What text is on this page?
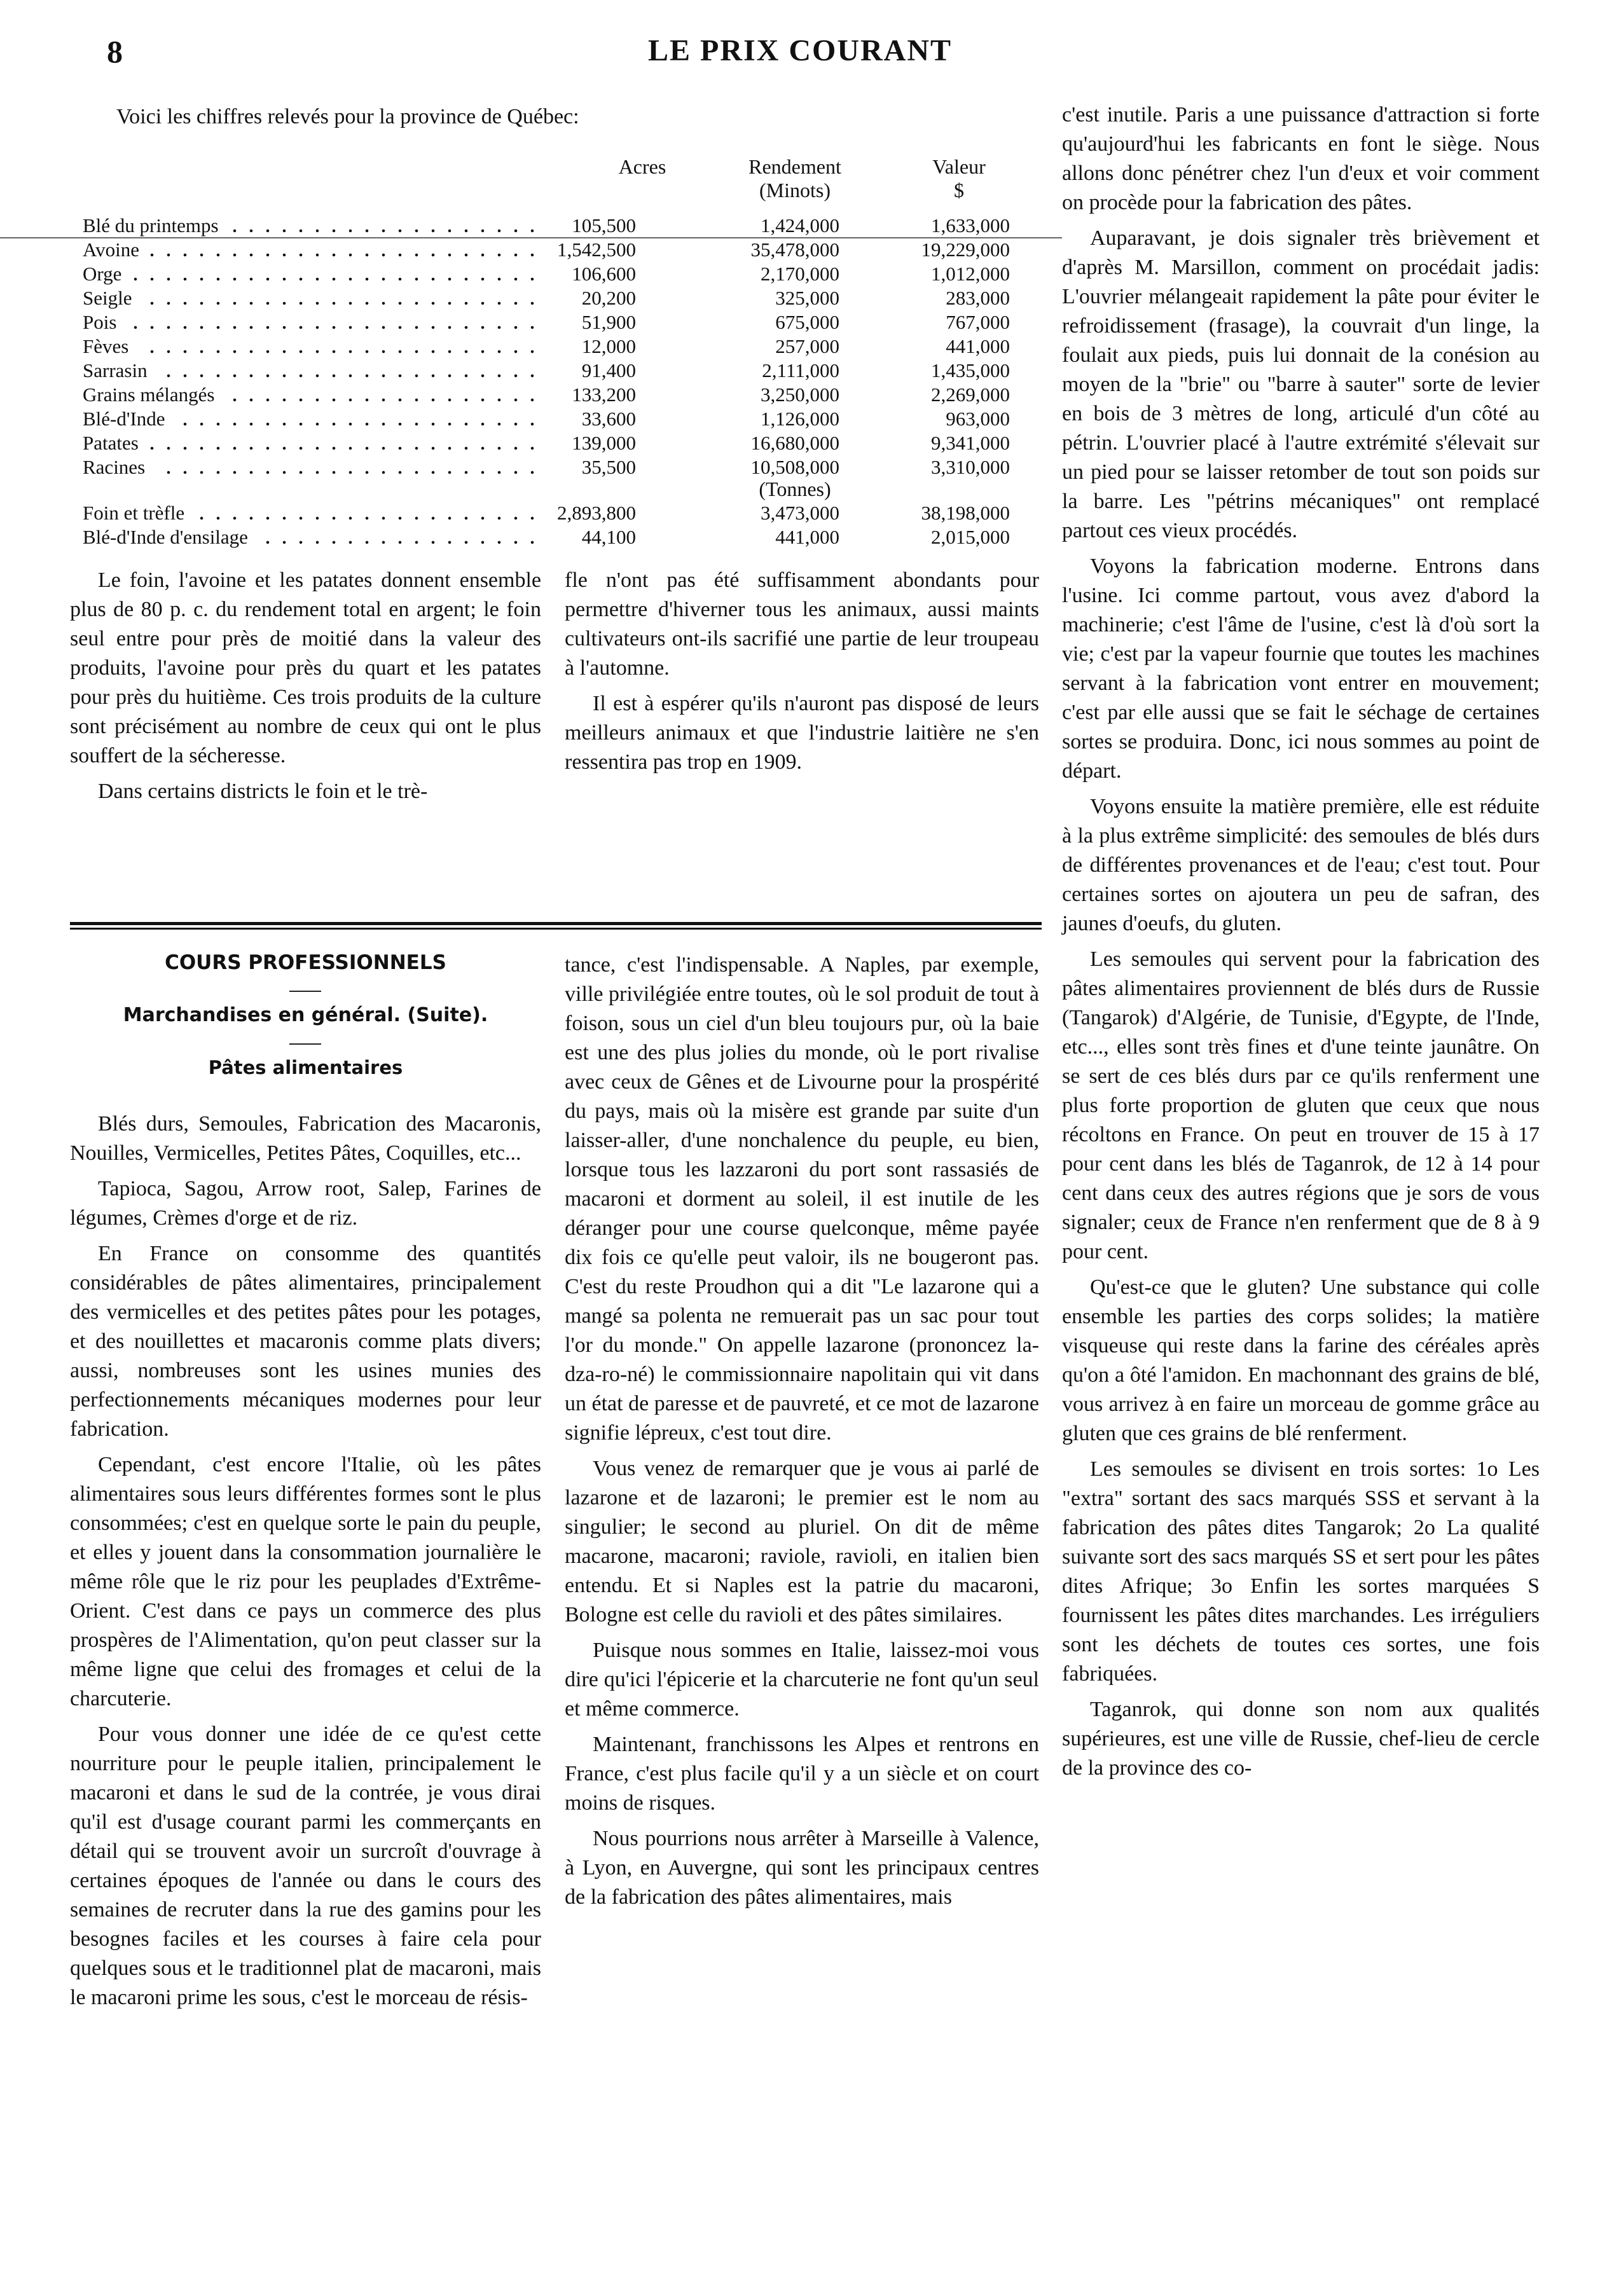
8	LE PRIX COURANT
Voici les chiffres relevés pour la province de Québec:
Acres	Rendement
(Minots)
Valeur
$
(Tonnes)
Blé du printemps	105,500	1,424,000	1,633,000
Avoine	1,542,500	35,478,000	19,229,000
Orge	106,600	2,170,000	1,012,000
Seigle	20,200	325,000	283,000
Pois	51,900	675,000	767,000
Fèves	12,000	257,000	441,000
Sarrasin	91,400	2,111,000	1,435,000
Grains mélangés	133,200	3,250,000	2,269,000
Blé-d'Inde	33,600	1,126,000	963,000
Patates	139,000	16,680,000	9,341,000
Racines	35,500	10,508,000	3,310,000
Foin et trèfle	2,893,800	3,473,000	38,198,000
Blé-d'Inde d'ensilage	44,100	441,000	2,015,000

Le foin, l'avoine et les patates donnent ensemble plus de 80 p. c. du rendement total en argent; le foin seul entre pour près de moitié dans la valeur des produits, l'avoine pour près du quart et les patates pour près du huitième. Ces trois produits de la culture sont précisément au nombre de ceux qui ont le plus souffert de la sécheresse.

Dans certains districts le foin et le trè-

fle n'ont pas été suffisamment abondants pour permettre d'hiverner tous les animaux, aussi maints cultivateurs ont-ils sacrifié une partie de leur troupeau à l'automne.

Il est à espérer qu'ils n'auront pas disposé de leurs meilleurs animaux et que l'industrie laitière ne s'en ressentira pas trop en 1909.

c'est inutile. Paris a une puissance d'attraction si forte qu'aujourd'hui les fabricants en font le siège. Nous allons donc pénétrer chez l'un d'eux et voir comment on procède pour la fabrication des pâtes.

Auparavant, je dois signaler très brièvement et d'après M. Marsillon, comment on procédait jadis: L'ouvrier mélangeait rapidement la pâte pour éviter le refroidissement (frasage), la couvrait d'un linge, la foulait aux pieds, puis lui donnait de la conésion au moyen de la "brie" ou "barre à sauter" sorte de levier en bois de 3 mètres de long, articulé d'un côté au pétrin. L'ouvrier placé à l'autre extrémité s'élevait sur un pied pour se laisser retomber de tout son poids sur la barre. Les "pétrins mécaniques" ont remplacé partout ces vieux procédés.

Voyons la fabrication moderne. Entrons dans l'usine. Ici comme partout, vous avez d'abord la machinerie; c'est l'âme de l'usine, c'est là d'où sort la vie; c'est par la vapeur fournie que toutes les machines servant à la fabrication vont entrer en mouvement; c'est par elle aussi que se fait le séchage de certaines sortes se produira. Donc, ici nous sommes au point de départ.

Voyons ensuite la matière première, elle est réduite à la plus extrême simplicité: des semoules de blés durs de différentes provenances et de l'eau; c'est tout. Pour certaines sortes on ajoutera un peu de safran, des jaunes d'oeufs, du gluten.

Les semoules qui servent pour la fabrication des pâtes alimentaires proviennent de blés durs de Russie (Tangarok) d'Algérie, de Tunisie, d'Egypte, de l'Inde, etc..., elles sont très fines et d'une teinte jaunâtre. On se sert de ces blés durs par ce qu'ils renferment une plus forte proportion de gluten que ceux que nous récoltons en France. On peut en trouver de 15 à 17 pour cent dans les blés de Taganrok, de 12 à 14 pour cent dans ceux des autres régions que je sors de vous signaler; ceux de France n'en renferment que de 8 à 9 pour cent.

Qu'est-ce que le gluten? Une substance qui colle ensemble les parties des corps solides; la matière visqueuse qui reste dans la farine des céréales après qu'on a ôté l'amidon. En machonnant des grains de blé, vous arrivez à en faire un morceau de gomme grâce au gluten que ces grains de blé renferment.

Les semoules se divisent en trois sortes: 1o Les "extra" sortant des sacs marqués SSS et servant à la fabrication des pâtes dites Tangarok; 2o La qualité suivante sort des sacs marqués SS et sert pour les pâtes dites Afrique; 3o Enfin les sortes marquées S fournissent les pâtes dites marchandes. Les irréguliers sont les déchets de toutes ces sortes, une fois fabriquées.

Taganrok, qui donne son nom aux qualités supérieures, est une ville de Russie, chef-lieu de cercle de la province des co-

COURS PROFESSIONNELS
Marchandises en général. (Suite).
Pâtes alimentaires

Blés durs, Semoules, Fabrication des Macaronis, Nouilles, Vermicelles, Petites Pâtes, Coquilles, etc...

Tapioca, Sagou, Arrow root, Salep, Farines de légumes, Crèmes d'orge et de riz.

En France on consomme des quantités considérables de pâtes alimentaires, principalement des vermicelles et des petites pâtes pour les potages, et des nouillettes et macaronis comme plats divers; aussi, nombreuses sont les usines munies des perfectionnements mécaniques modernes pour leur fabrication.

Cependant, c'est encore l'Italie, où les pâtes alimentaires sous leurs différentes formes sont le plus consommées; c'est en quelque sorte le pain du peuple, et elles y jouent dans la consommation journalière le même rôle que le riz pour les peuplades d'Extrême-Orient. C'est dans ce pays un commerce des plus prospères de l'Alimentation, qu'on peut classer sur la même ligne que celui des fromages et celui de la charcuterie.

Pour vous donner une idée de ce qu'est cette nourriture pour le peuple italien, principalement le macaroni et dans le sud de la contrée, je vous dirai qu'il est d'usage courant parmi les commerçants en détail qui se trouvent avoir un surcroît d'ouvrage à certaines époques de l'année ou dans le cours des semaines de recruter dans la rue des gamins pour les besognes faciles et les courses à faire cela pour quelques sous et le traditionnel plat de macaroni, mais le macaroni prime les sous, c'est le morceau de résis-

tance, c'est l'indispensable. A Naples, par exemple, ville privilégiée entre toutes, où le sol produit de tout à foison, sous un ciel d'un bleu toujours pur, où la baie est une des plus jolies du monde, où le port rivalise avec ceux de Gênes et de Livourne pour la prospérité du pays, mais où la misère est grande par suite d'un laisser-aller, d'une nonchalence du peuple, eu bien, lorsque tous les lazzaroni du port sont rassasiés de macaroni et dorment au soleil, il est inutile de les déranger pour une course quelconque, même payée dix fois ce qu'elle peut valoir, ils ne bougeront pas. C'est du reste Proudhon qui a dit "Le lazarone qui a mangé sa polenta ne remuerait pas un sac pour tout l'or du monde." On appelle lazarone (prononcez la-dza-ro-né) le commissionnaire napolitain qui vit dans un état de paresse et de pauvreté, et ce mot de lazarone signifie lépreux, c'est tout dire.

Vous venez de remarquer que je vous ai parlé de lazarone et de lazaroni; le premier est le nom au singulier; le second au pluriel. On dit de même macarone, macaroni; raviole, ravioli, en italien bien entendu. Et si Naples est la patrie du macaroni, Bologne est celle du ravioli et des pâtes similaires.

Puisque nous sommes en Italie, laissez-moi vous dire qu'ici l'épicerie et la charcuterie ne font qu'un seul et même commerce.

Maintenant, franchissons les Alpes et rentrons en France, c'est plus facile qu'il y a un siècle et on court moins de risques.

Nous pourrions nous arrêter à Marseille à Valence, à Lyon, en Auvergne, qui sont les principaux centres de la fabrication des pâtes alimentaires, mais
